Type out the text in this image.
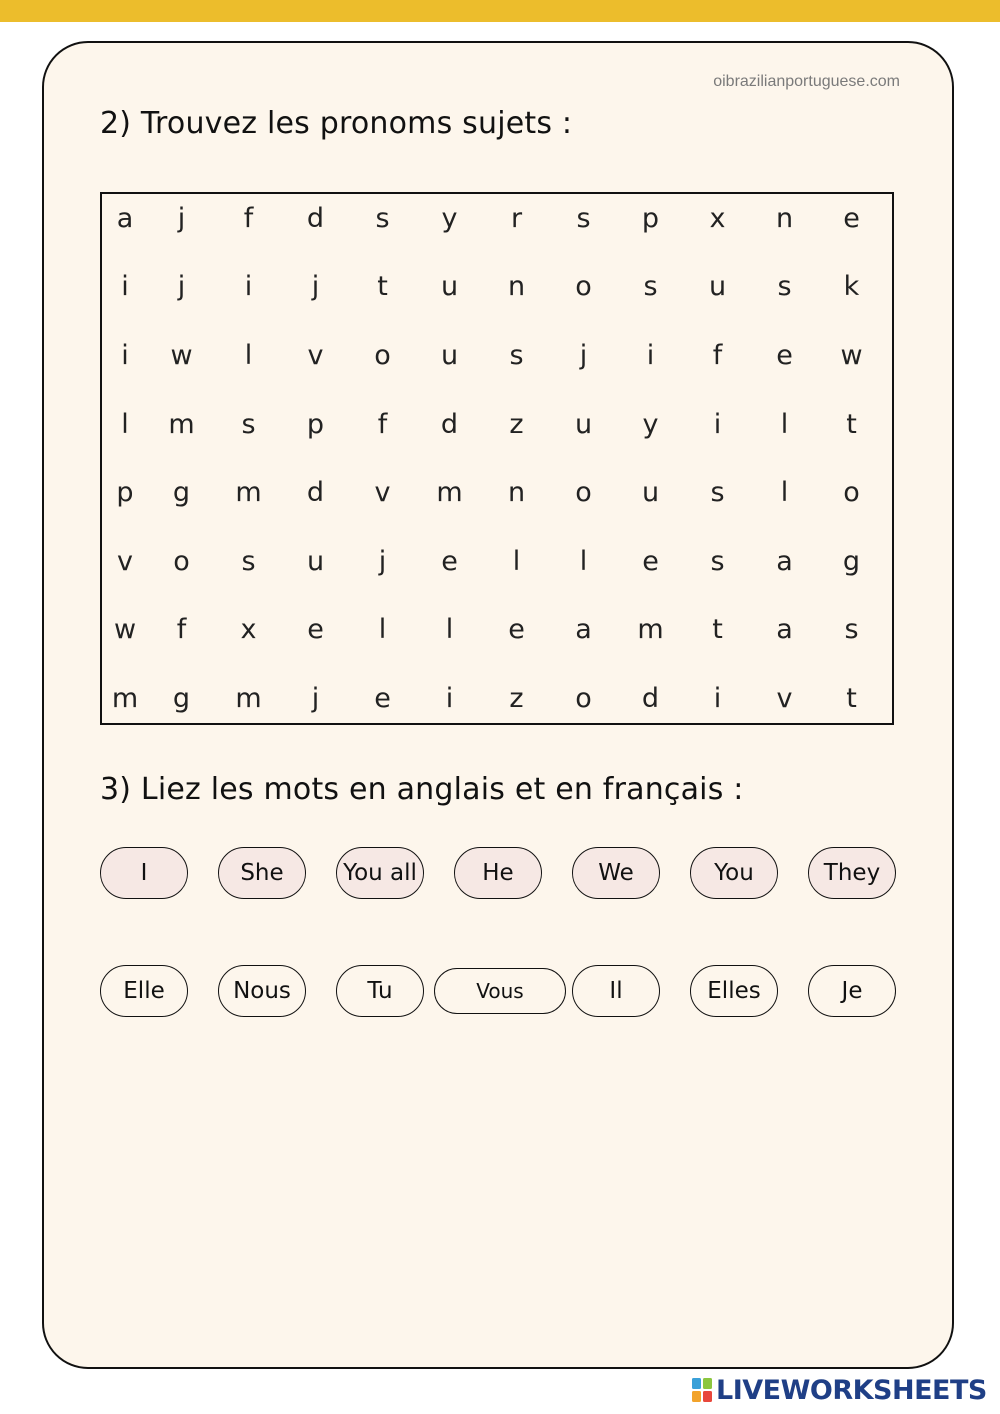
oibrazilianportuguese.com
2) Trouvez les pronoms sujets :
a	j	f	d	s	y	r	s	p	x	n	e
i	j	i	j	t	u	n	o	s	u	s	k
i	w	l	v	o	u	s	j	i	f	e	w
l	m	s	p	f	d	z	u	y	i	l	t
p	g	m	d	v	m	n	o	u	s	l	o
v	o	s	u	j	e	l	l	e	s	a	g
w	f	x	e	l	l	e	a	m	t	a	s
m	g	m	j	e	i	z	o	d	i	v	t
3) Liez les mots en anglais et en français :
I	She	You all	He	We	You	They
Elle	Nous	Tu	Vous	Il	Elles	Je
LIVEWORKSHEETS
